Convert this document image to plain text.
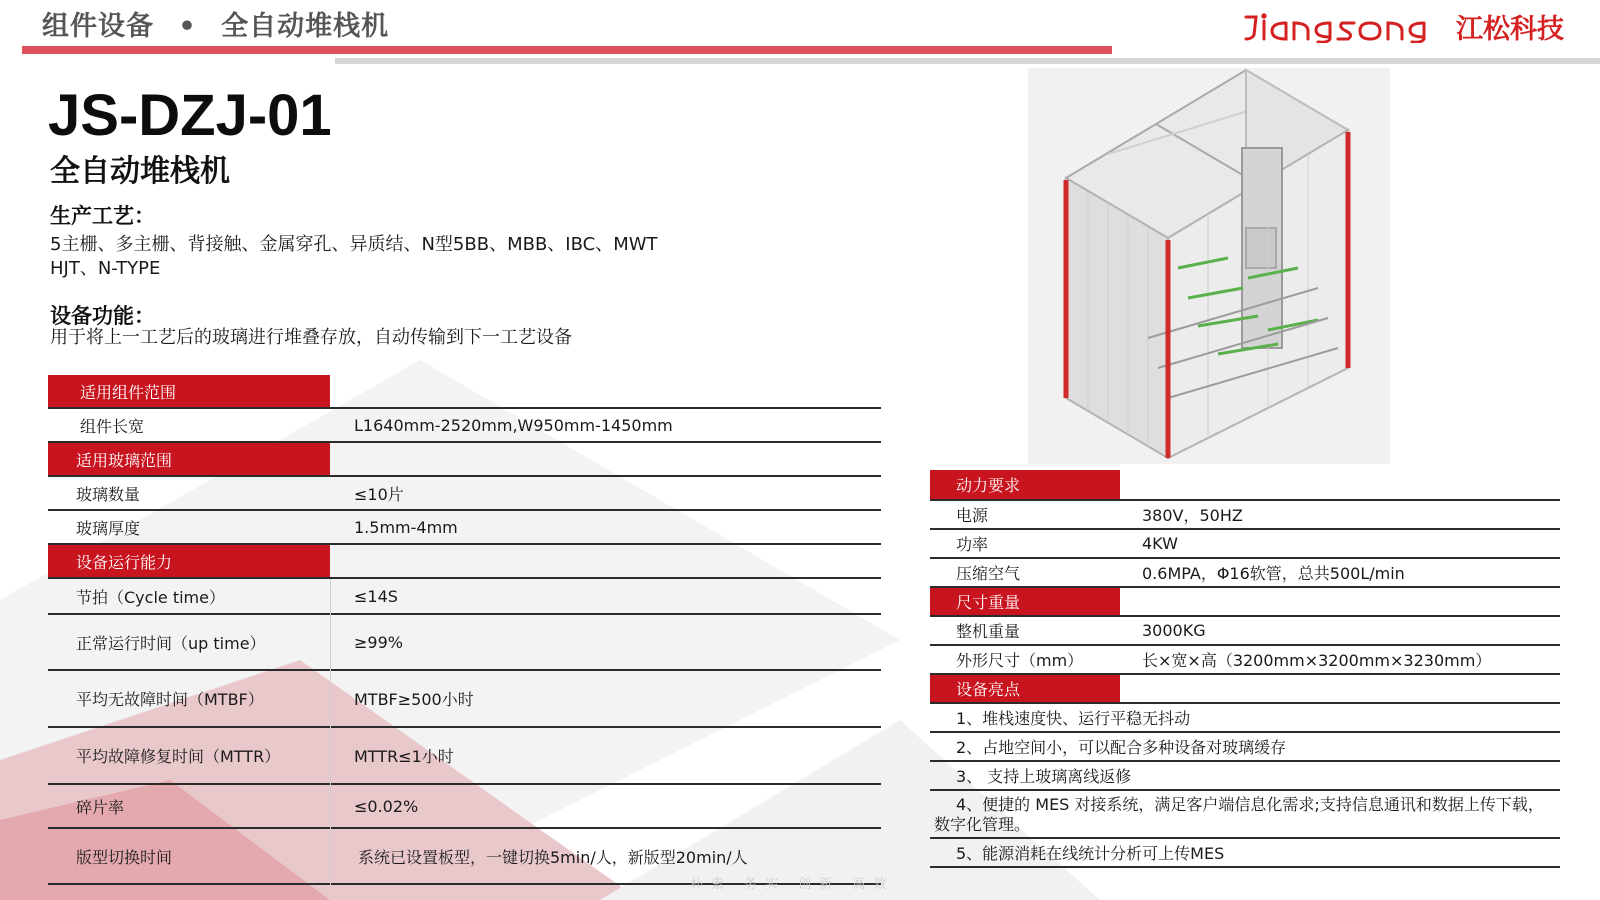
组件设备 • 全自动堆栈机	江松科技
JS-DZJ-01
全自动堆栈机
生产工艺：
5主栅、多主栅、背接触、金属穿孔、异质结、N型5BB、MBB、IBC、MWT
HJT、N-TYPE
设备功能：
用于将上一工艺后的玻璃进行堆叠存放，自动传输到下一工艺设备
适用组件范围
组件长宽	L1640mm-2520mm,W950mm-1450mm
适用玻璃范围
玻璃数量	≤10片
玻璃厚度	1.5mm-4mm
设备运行能力
节拍（Cycle time）	≤14S
正常运行时间（up time）	≥99%
平均无故障时间（MTBF）	MTBF≥500小时
平均故障修复时间（MTTR）	MTTR≤1小时
碎片率	≤0.02%
版型切换时间	系统已设置板型，一键切换5min/人，新版型20min/人
动力要求
电源	380V，50HZ
功率	4KW
压缩空气	0.6MPA，Φ16软管，总共500L/min
尺寸重量
整机重量	3000KG
外形尺寸（mm）	长×宽×高（3200mm×3200mm×3230mm）
设备亮点
1、堆栈速度快、运行平稳无抖动
2、占地空间小，可以配合多种设备对玻璃缓存
3、 支持上玻璃离线返修
4、便捷的 MES 对接系统，满足客户端信息化需求;支持信息通讯和数据上传下载，
数字化管理。
5、能源消耗在线统计分析可上传MES
朴素 务实 创新 高效
